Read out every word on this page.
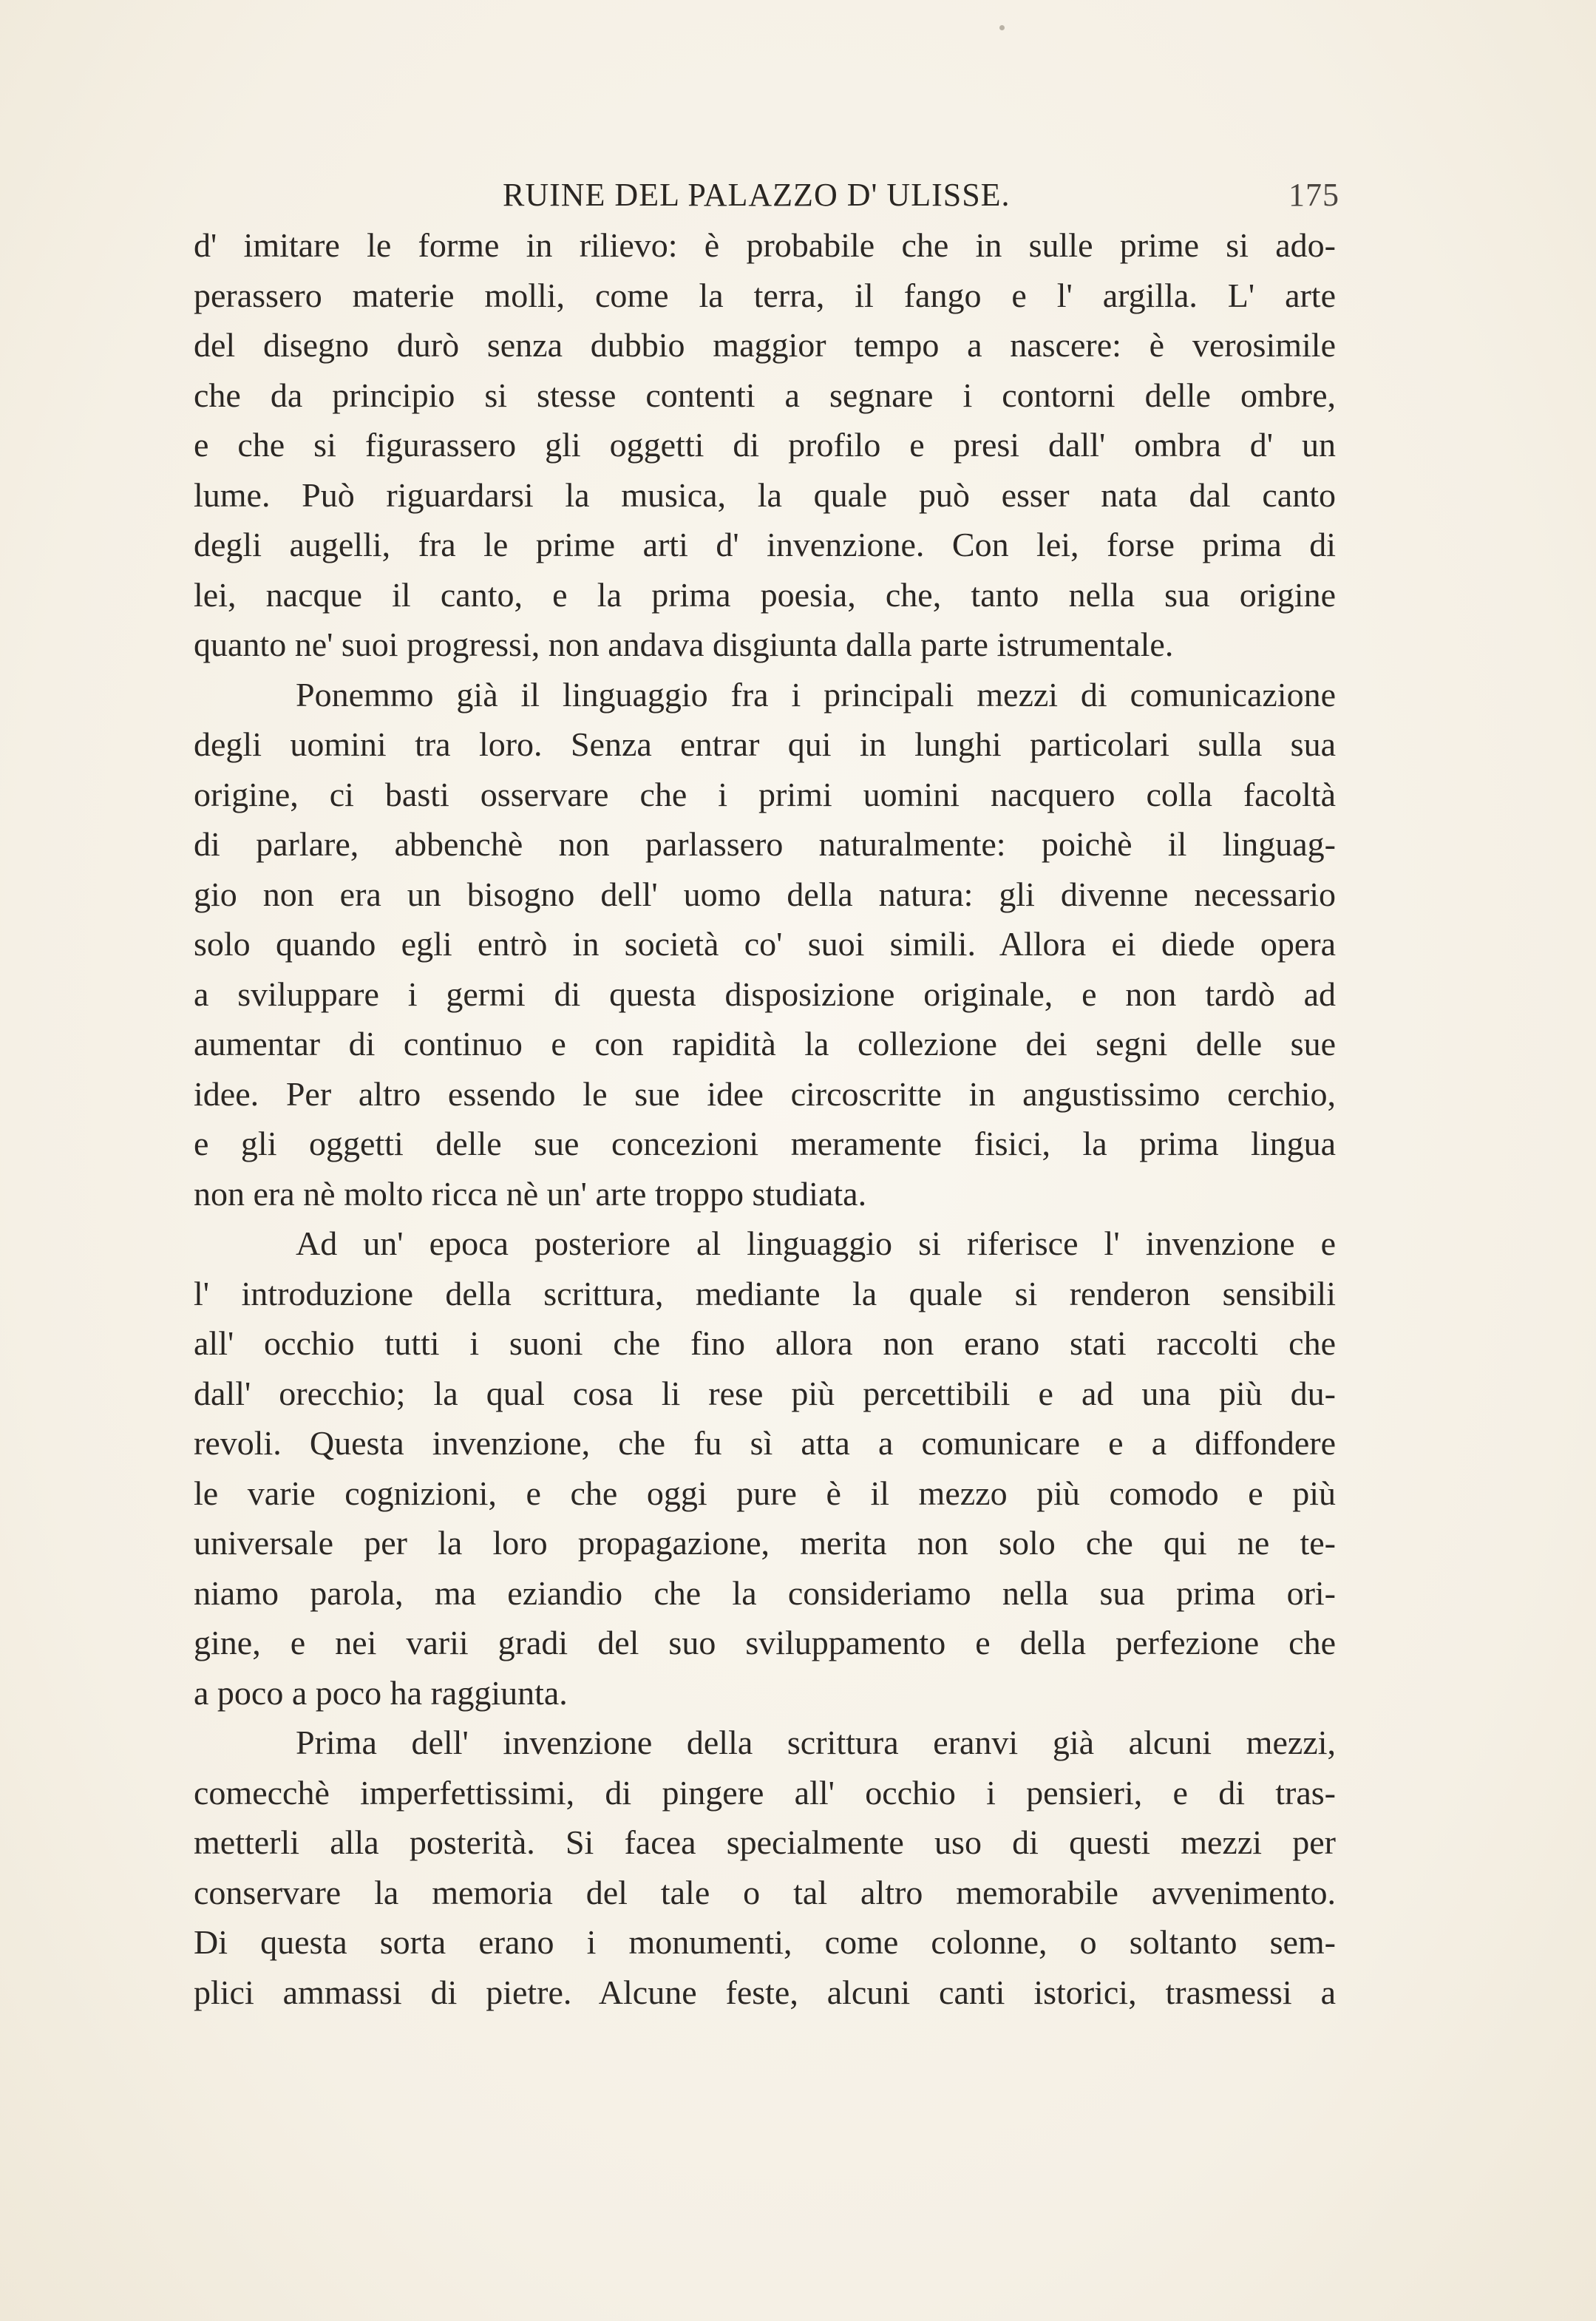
RUINE DEL PALAZZO D' ULISSE.	175
d' imitare le forme in rilievo: è probabile che in sulle prime si ado-
perassero materie molli, come la terra, il fango e l' argilla. L' arte
del disegno durò senza dubbio maggior tempo a nascere: è verosimile
che da principio si stesse contenti a segnare i contorni delle ombre,
e che si figurassero gli oggetti di profilo e presi dall' ombra d' un
lume. Può riguardarsi la musica, la quale può esser nata dal canto
degli augelli, fra le prime arti d' invenzione. Con lei, forse prima di
lei, nacque il canto, e la prima poesia, che, tanto nella sua origine
quanto ne' suoi progressi, non andava disgiunta dalla parte istrumentale.
Ponemmo già il linguaggio fra i principali mezzi di comunicazione
degli uomini tra loro. Senza entrar qui in lunghi particolari sulla sua
origine, ci basti osservare che i primi uomini nacquero colla facoltà
di parlare, abbenchè non parlassero naturalmente: poichè il linguag-
gio non era un bisogno dell' uomo della natura: gli divenne necessario
solo quando egli entrò in società co' suoi simili. Allora ei diede opera
a sviluppare i germi di questa disposizione originale, e non tardò ad
aumentar di continuo e con rapidità la collezione dei segni delle sue
idee. Per altro essendo le sue idee circoscritte in angustissimo cerchio,
e gli oggetti delle sue concezioni meramente fisici, la prima lingua
non era nè molto ricca nè un' arte troppo studiata.
Ad un' epoca posteriore al linguaggio si riferisce l' invenzione e
l' introduzione della scrittura, mediante la quale si renderon sensibili
all' occhio tutti i suoni che fino allora non erano stati raccolti che
dall' orecchio; la qual cosa li rese più percettibili e ad una più du-
revoli. Questa invenzione, che fu sì atta a comunicare e a diffondere
le varie cognizioni, e che oggi pure è il mezzo più comodo e più
universale per la loro propagazione, merita non solo che qui ne te-
niamo parola, ma eziandio che la consideriamo nella sua prima ori-
gine, e nei varii gradi del suo sviluppamento e della perfezione che
a poco a poco ha raggiunta.
Prima dell' invenzione della scrittura eranvi già alcuni mezzi,
comecchè imperfettissimi, di pingere all' occhio i pensieri, e di tras-
metterli alla posterità. Si facea specialmente uso di questi mezzi per
conservare la memoria del tale o tal altro memorabile avvenimento.
Di questa sorta erano i monumenti, come colonne, o soltanto sem-
plici ammassi di pietre. Alcune feste, alcuni canti istorici, trasmessi a
